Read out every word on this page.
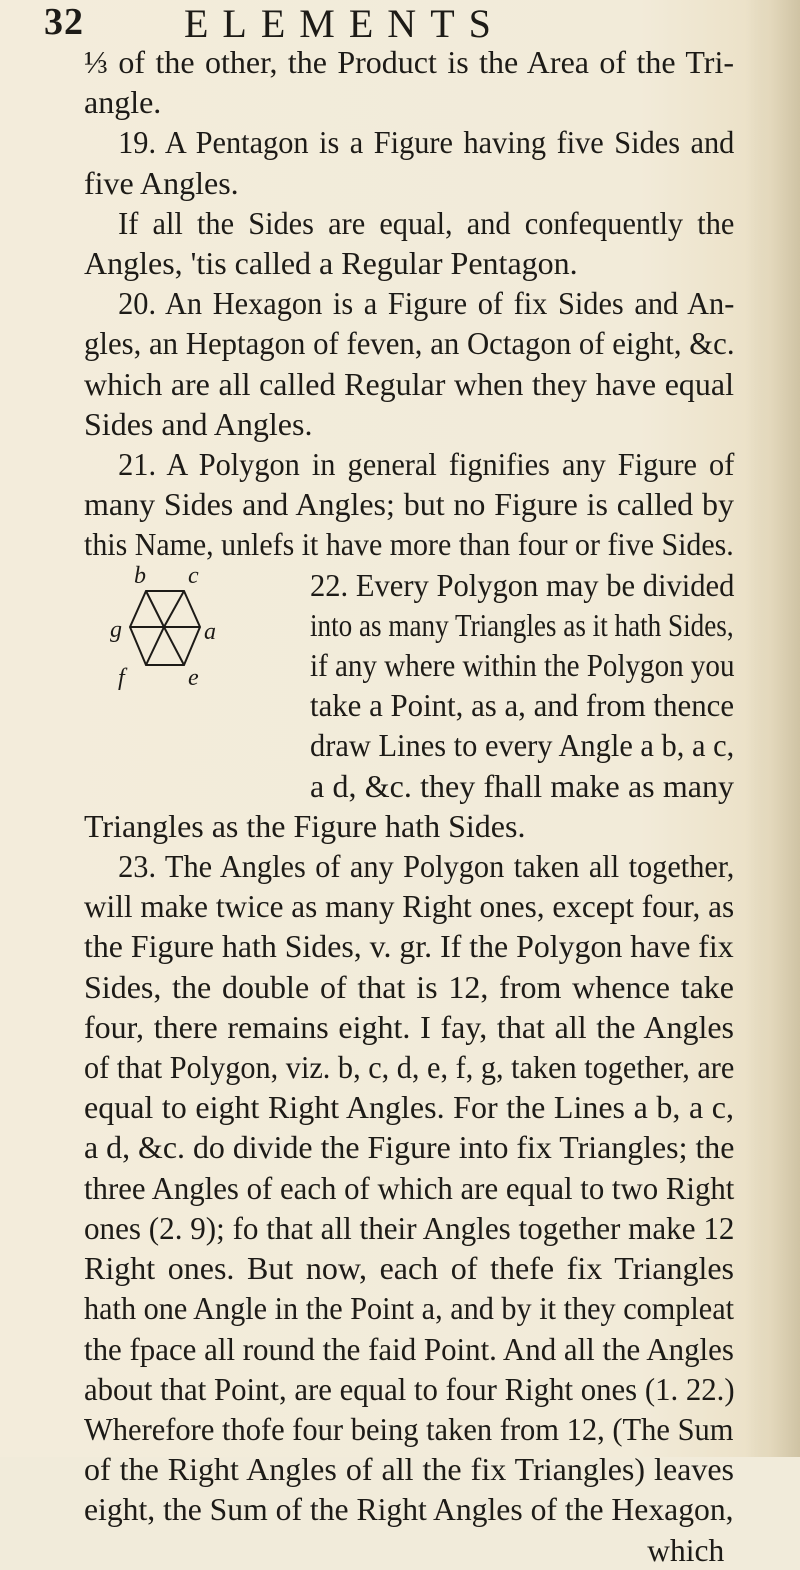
32	ELEMENTS
b c
g	a
f	e
⅓ of the other, the Product is the Area of the Tri-
angle.
19. A Pentagon is a Figure having five Sides and
five Angles.
If all the Sides are equal, and confequently the
Angles, 'tis called a Regular Pentagon.
20. An Hexagon is a Figure of fix Sides and An-
gles, an Heptagon of feven, an Octagon of eight, &c.
which are all called Regular when they have equal
Sides and Angles.
21. A Polygon in general fignifies any Figure of
many Sides and Angles; but no Figure is called by
this Name, unlefs it have more than four or five Sides.
22. Every Polygon may be divided
into as many Triangles as it hath Sides,
if any where within the Polygon you
take a Point, as a, and from thence
draw Lines to every Angle a b, a c,
a d, &c. they fhall make as many
Triangles as the Figure hath Sides.
23. The Angles of any Polygon taken all together,
will make twice as many Right ones, except four, as
the Figure hath Sides, v. gr. If the Polygon have fix
Sides, the double of that is 12, from whence take
four, there remains eight. I fay, that all the Angles
of that Polygon, viz. b, c, d, e, f, g, taken together, are
equal to eight Right Angles. For the Lines a b, a c,
a d, &c. do divide the Figure into fix Triangles; the
three Angles of each of which are equal to two Right
ones (2. 9); fo that all their Angles together make 12
Right ones. But now, each of thefe fix Triangles
hath one Angle in the Point a, and by it they compleat
the fpace all round the faid Point. And all the Angles
about that Point, are equal to four Right ones (1. 22.)
Wherefore thofe four being taken from 12, (The Sum
of the Right Angles of all the fix Triangles) leaves
eight, the Sum of the Right Angles of the Hexagon,
which
